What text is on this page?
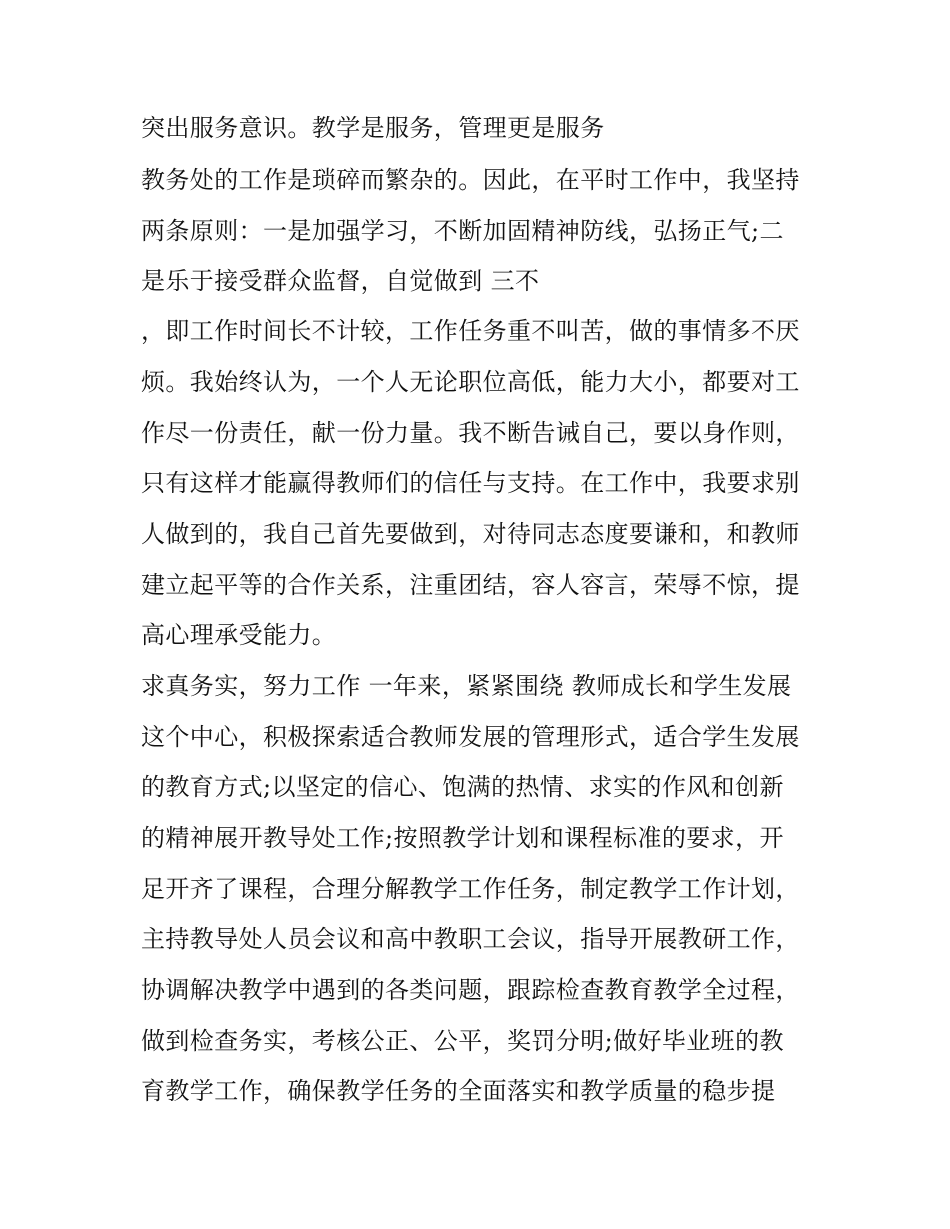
突出服务意识。教学是服务，管理更是服务
教务处的工作是琐碎而繁杂的。因此，在平时工作中，我坚持
两条原则：一是加强学习，不断加固精神防线，弘扬正气;二
是乐于接受群众监督，自觉做到 三不
，即工作时间长不计较，工作任务重不叫苦，做的事情多不厌
烦。我始终认为，一个人无论职位高低，能力大小，都要对工
作尽一份责任，献一份力量。我不断告诫自己，要以身作则，
只有这样才能赢得教师们的信任与支持。在工作中，我要求别
人做到的，我自己首先要做到，对待同志态度要谦和，和教师
建立起平等的合作关系，注重团结，容人容言，荣辱不惊，提
高心理承受能力。
求真务实，努力工作 一年来，紧紧围绕 教师成长和学生发展
这个中心，积极探索适合教师发展的管理形式，适合学生发展
的教育方式;以坚定的信心、饱满的热情、求实的作风和创新
的精神展开教导处工作;按照教学计划和课程标准的要求，开
足开齐了课程，合理分解教学工作任务，制定教学工作计划，
主持教导处人员会议和高中教职工会议，指导开展教研工作，
协调解决教学中遇到的各类问题，跟踪检查教育教学全过程，
做到检查务实，考核公正、公平，奖罚分明;做好毕业班的教
育教学工作，确保教学任务的全面落实和教学质量的稳步提
